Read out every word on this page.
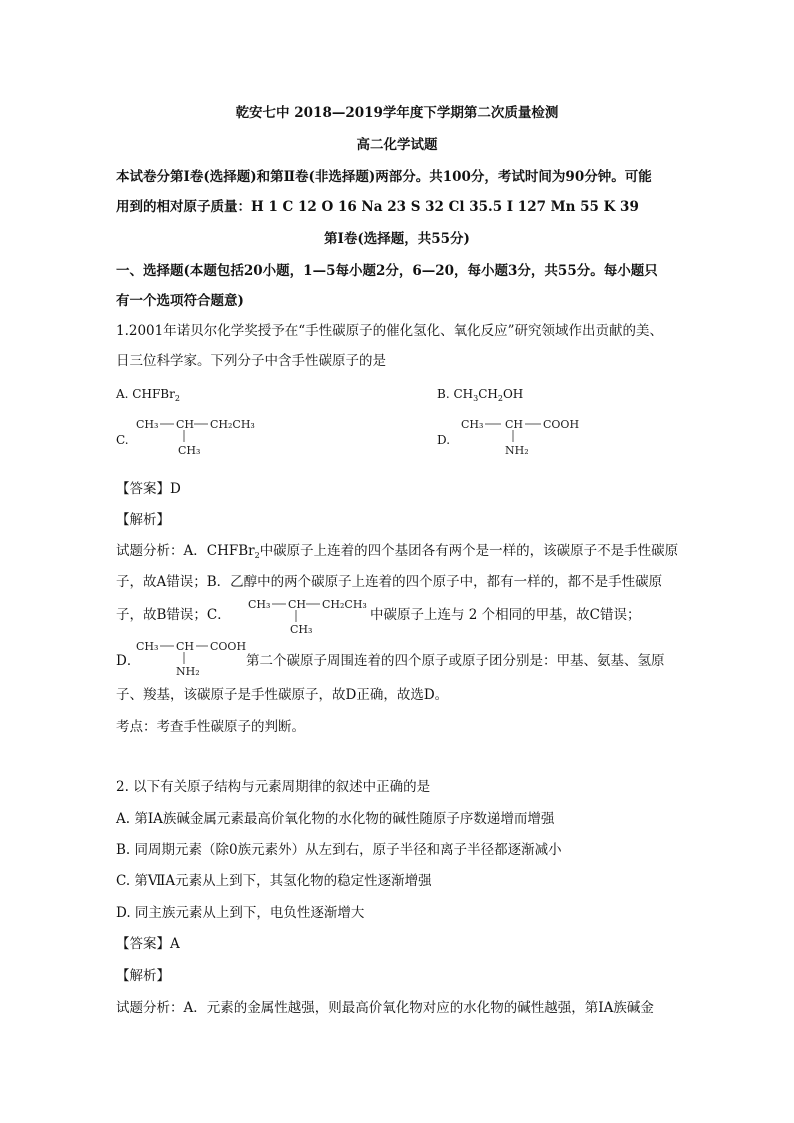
乾安七中 2018—2019学年度下学期第二次质量检测
高二化学试题
本试卷分第Ⅰ卷(选择题)和第Ⅱ卷(非选择题)两部分。共100分，考试时间为90分钟。可能
用到的相对原子质量：H 1 C 12 O 16 Na 23 S 32 Cl 35.5 I 127 Mn 55 K 39
第Ⅰ卷(选择题，共55分)
一、选择题(本题包括20小题，1—5每小题2分，6—20，每小题3分，共55分。每小题只
有一个选项符合题意)
1.2001年诺贝尔化学奖授予在“手性碳原子的催化氢化、氧化反应”研究领域作出贡献的美、
日三位科学家。下列分子中含手性碳原子的是
A. CHFBr$_2$	B. $CH_3CH_2OH$
C.
CH₃ CH CH₂CH₃
CH₃
D.
CH₃ CH COOH
NH₂
【答案】D
【解析】
试题分析：A．CHFBr$_2$中碳原子上连着的四个基团各有两个是一样的，该碳原子不是手性碳原
子，故A错误；B．乙醇中的两个碳原子上连着的四个原子中，都有一样的，都不是手性碳原
子，故B错误；C．
CH₃ CH CH₂CH₃
CH₃
中碳原子上连与 2 个相同的甲基，故C错误；
D．
CH₃ CH COOH
NH₂
第二个碳原子周围连着的四个原子或原子团分别是：甲基、氨基、氢原
子、羧基，该碳原子是手性碳原子，故D正确，故选D。
考点：考查手性碳原子的判断。
2. 以下有关原子结构与元素周期律的叙述中正确的是
A. 第IA族碱金属元素最高价氧化物的水化物的碱性随原子序数递增而增强
B. 同周期元素（除0族元素外）从左到右，原子半径和离子半径都逐渐减小
C. 第ⅦA元素从上到下，其氢化物的稳定性逐渐增强
D. 同主族元素从上到下，电负性逐渐增大
【答案】A
【解析】
试题分析：A．元素的金属性越强，则最高价氧化物对应的水化物的碱性越强，第IA族碱金
